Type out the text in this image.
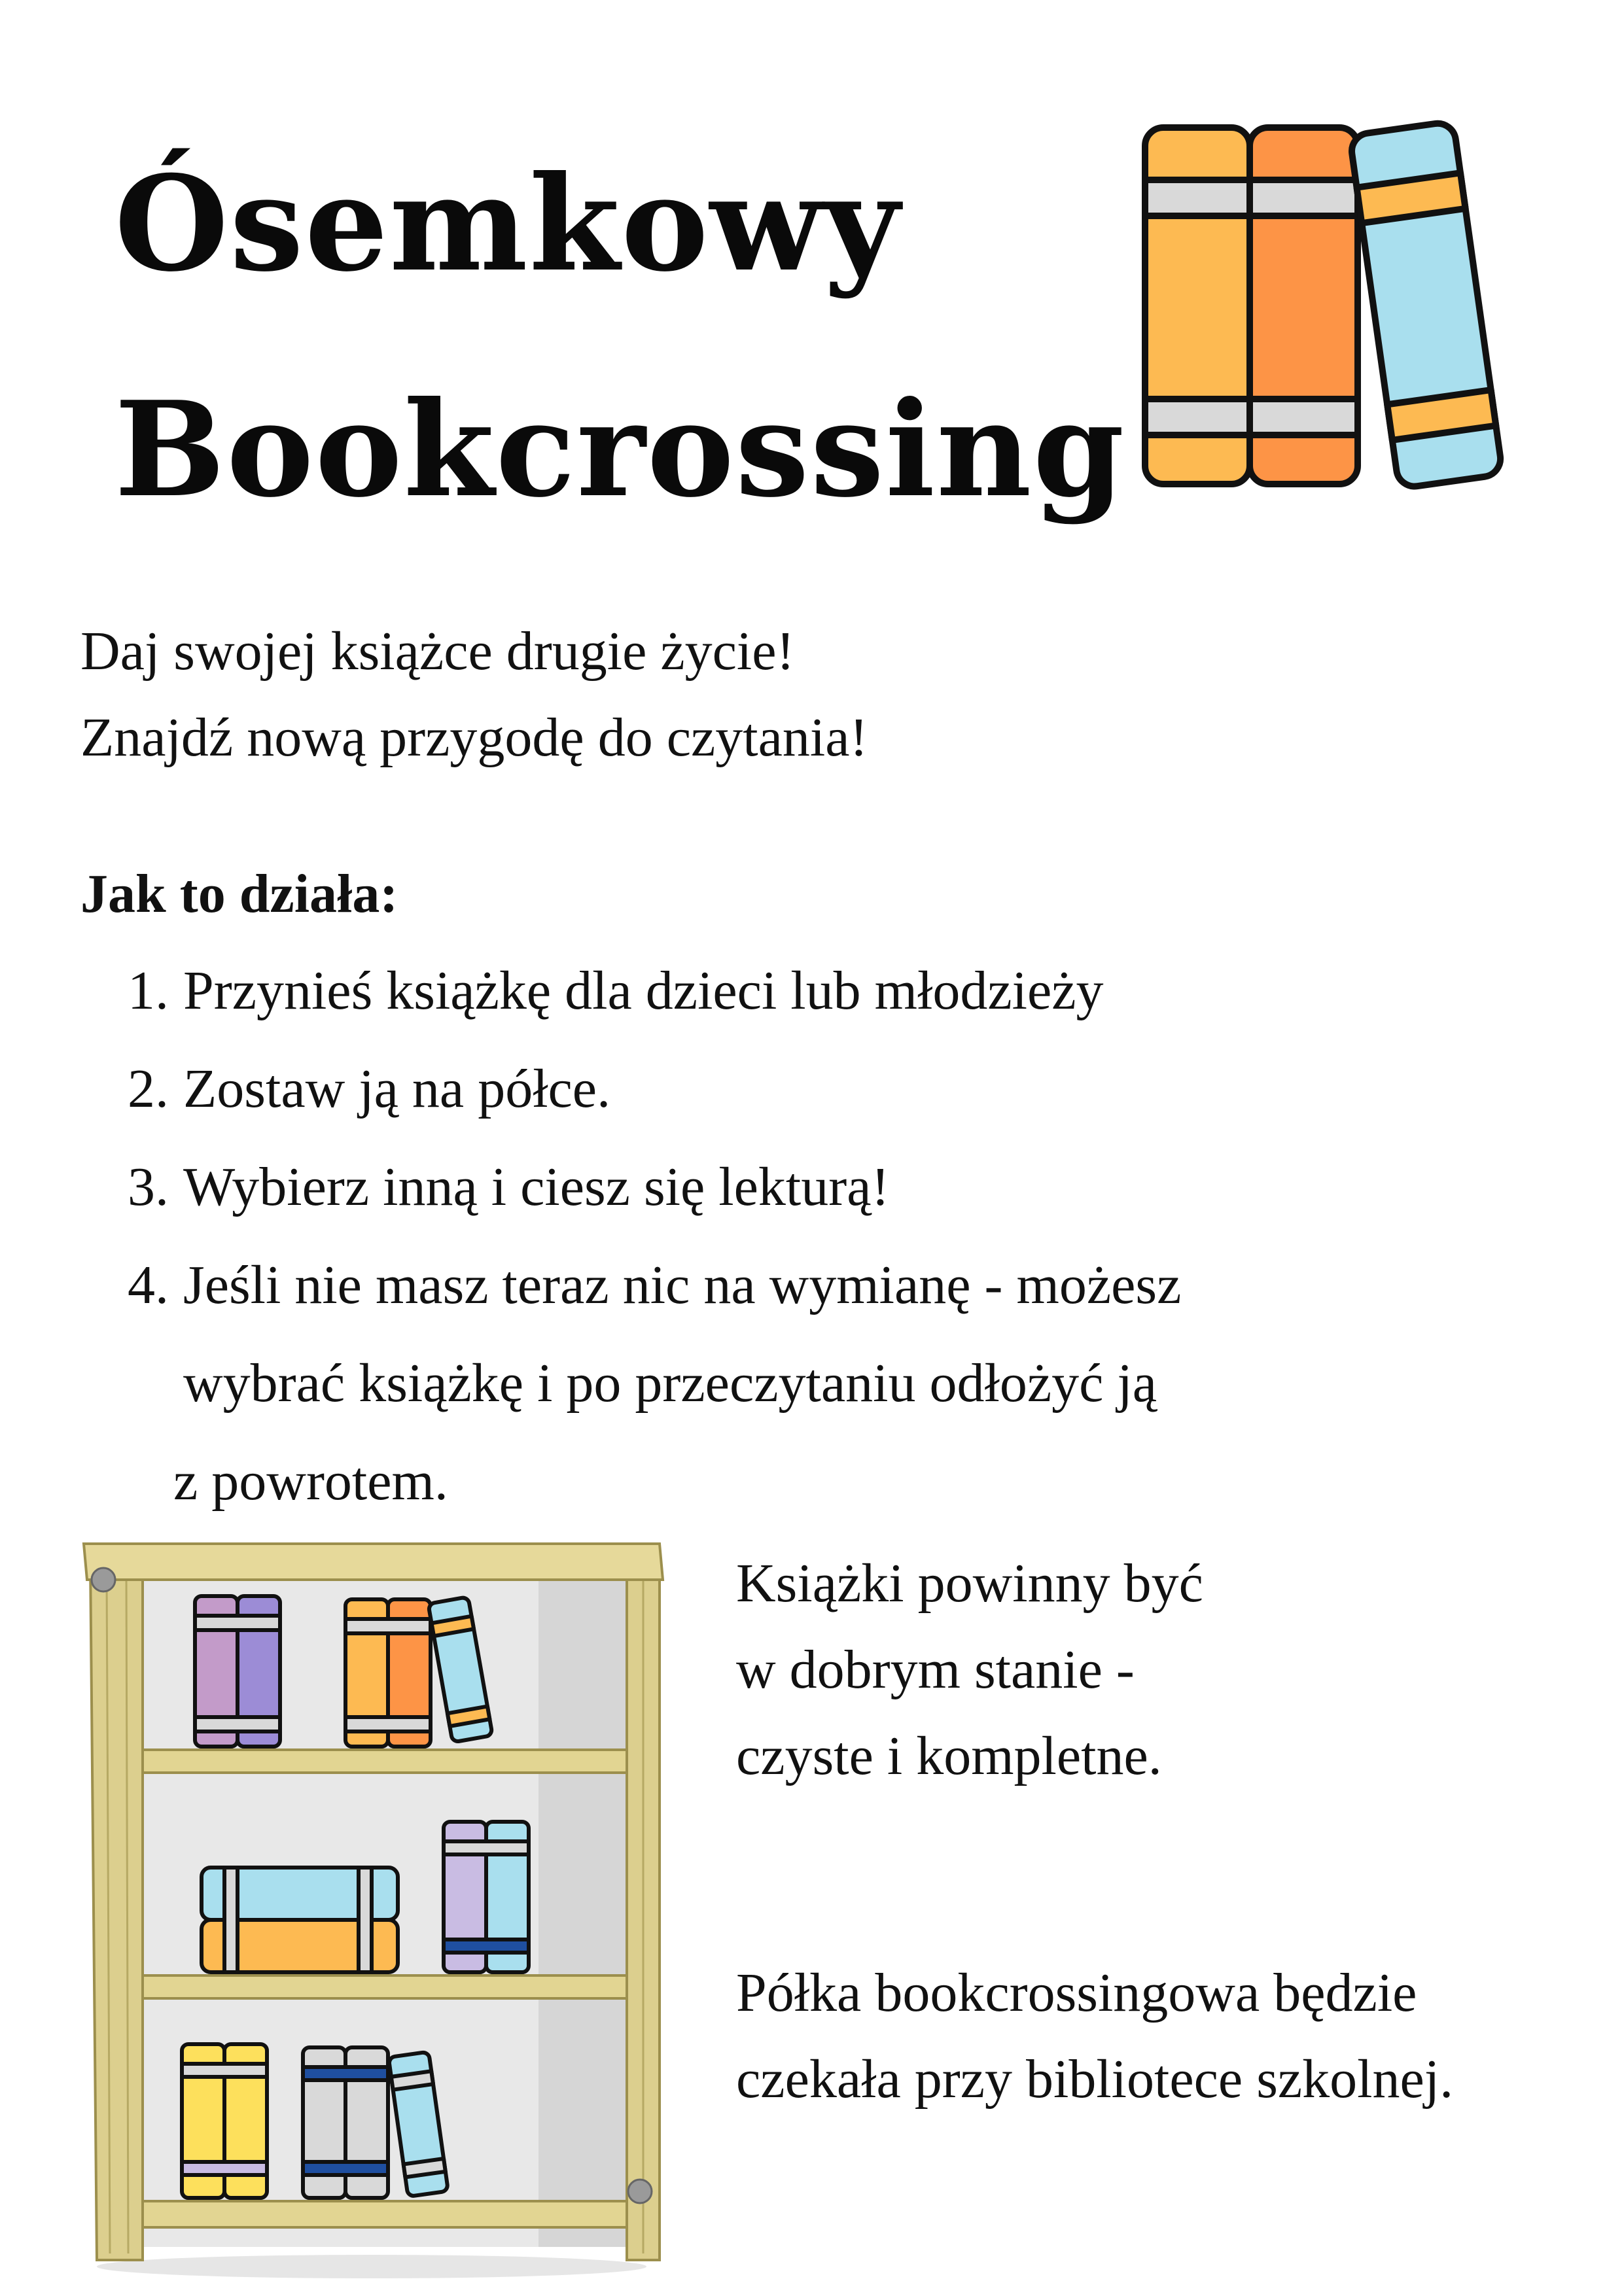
Ósemkowy
Bookcrossing
Daj swojej książce drugie życie!
Znajdź nową przygodę do czytania!
Jak to działa:
1. Przynieś książkę dla dzieci lub młodzieży
2.Zostaw ją na półce.
3. Wybierz inną i ciesz się lekturą!
4. Jeśli nie masz teraz nic na wymianę - możesz
wybrać książkę i po przeczytaniu odłożyć ją
z powrotem.
Książki powinny być
w dobrym stanie -
czyste i kompletne.
Półka bookcrossingowa będzie
czekała przy bibliotece szkolnej.
